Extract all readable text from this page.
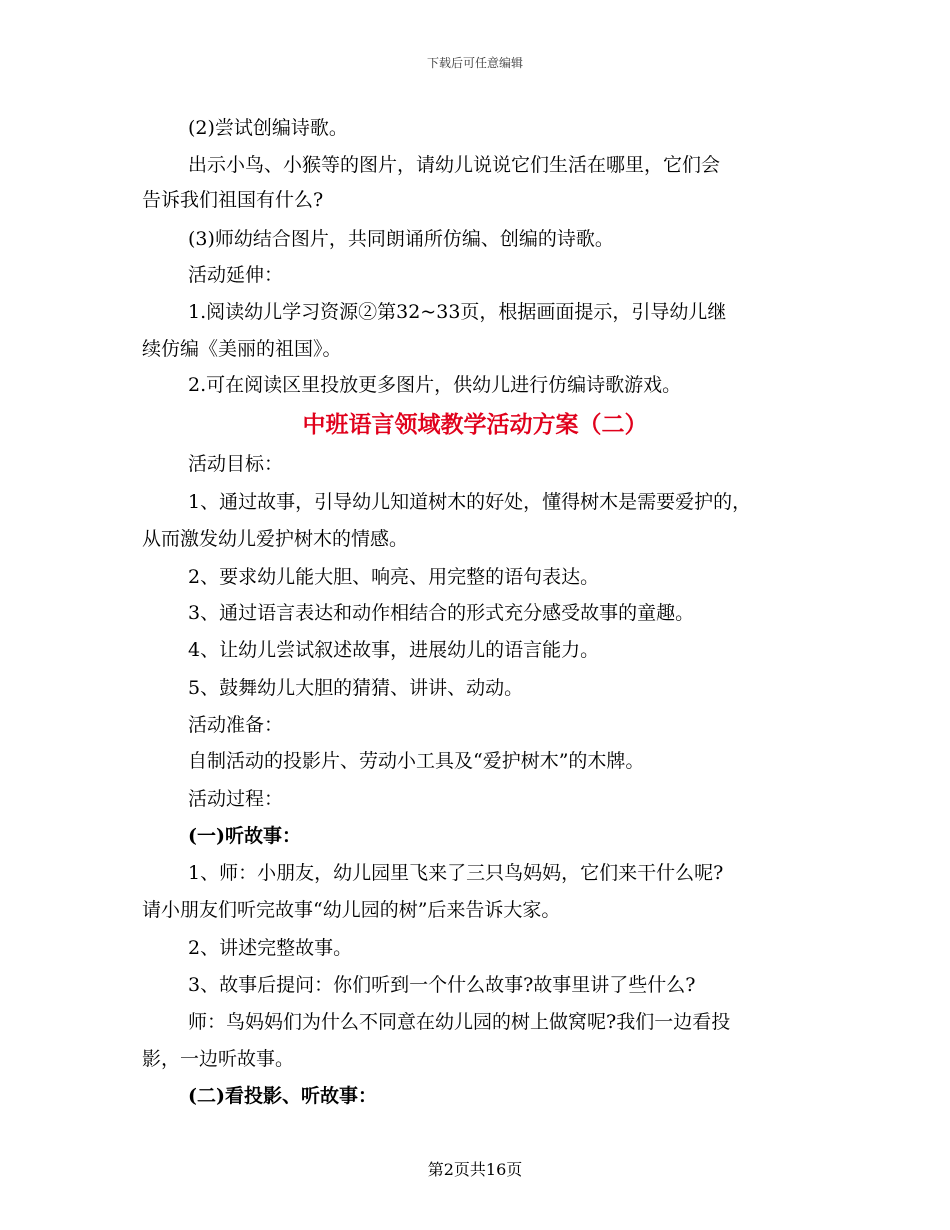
下载后可任意编辑
(2)尝试创编诗歌。
出示小鸟、小猴等的图片，请幼儿说说它们生活在哪里，它们会
告诉我们祖国有什么?
(3)师幼结合图片，共同朗诵所仿编、创编的诗歌。
活动延伸：
1.阅读幼儿学习资源②第32~33页，根据画面提示，引导幼儿继
续仿编《美丽的祖国》。
2.可在阅读区里投放更多图片，供幼儿进行仿编诗歌游戏。
中班语言领域教学活动方案（二）
活动目标：
1、通过故事，引导幼儿知道树木的好处，懂得树木是需要爱护的，
从而激发幼儿爱护树木的情感。
2、要求幼儿能大胆、响亮、用完整的语句表达。
3、通过语言表达和动作相结合的形式充分感受故事的童趣。
4、让幼儿尝试叙述故事，进展幼儿的语言能力。
5、鼓舞幼儿大胆的猜猜、讲讲、动动。
活动准备：
自制活动的投影片、劳动小工具及“爱护树木”的木牌。
活动过程：
(一)听故事：
1、师：小朋友，幼儿园里飞来了三只鸟妈妈，它们来干什么呢?
请小朋友们听完故事“幼儿园的树”后来告诉大家。
2、讲述完整故事。
3、故事后提问：你们听到一个什么故事?故事里讲了些什么?
师：鸟妈妈们为什么不同意在幼儿园的树上做窝呢?我们一边看投
影，一边听故事。
(二)看投影、听故事：
第2页共16页
